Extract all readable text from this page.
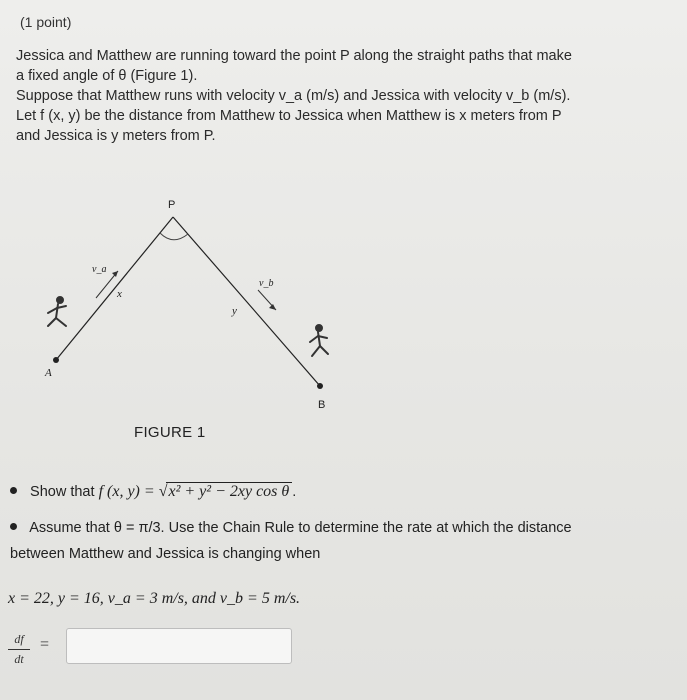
(1 point)
Jessica and Matthew are running toward the point P along the straight paths that make
a fixed angle of θ (Figure 1).
Suppose that Matthew runs with velocity v_a (m/s) and Jessica with velocity v_b (m/s).
Let f (x, y) be the distance from Matthew to Jessica when Matthew is x meters from P
and Jessica is y meters from P.
P
A
B
x
y
v_a
v_b
FIGURE 1
Show that f (x, y) = √x² + y² − 2xy cos θ .
Assume that θ = π/3. Use the Chain Rule to determine the rate at which the distance
between Matthew and Jessica is changing when
x = 22, y = 16, v_a = 3 m/s, and v_b = 5 m/s.
df
dt
=
